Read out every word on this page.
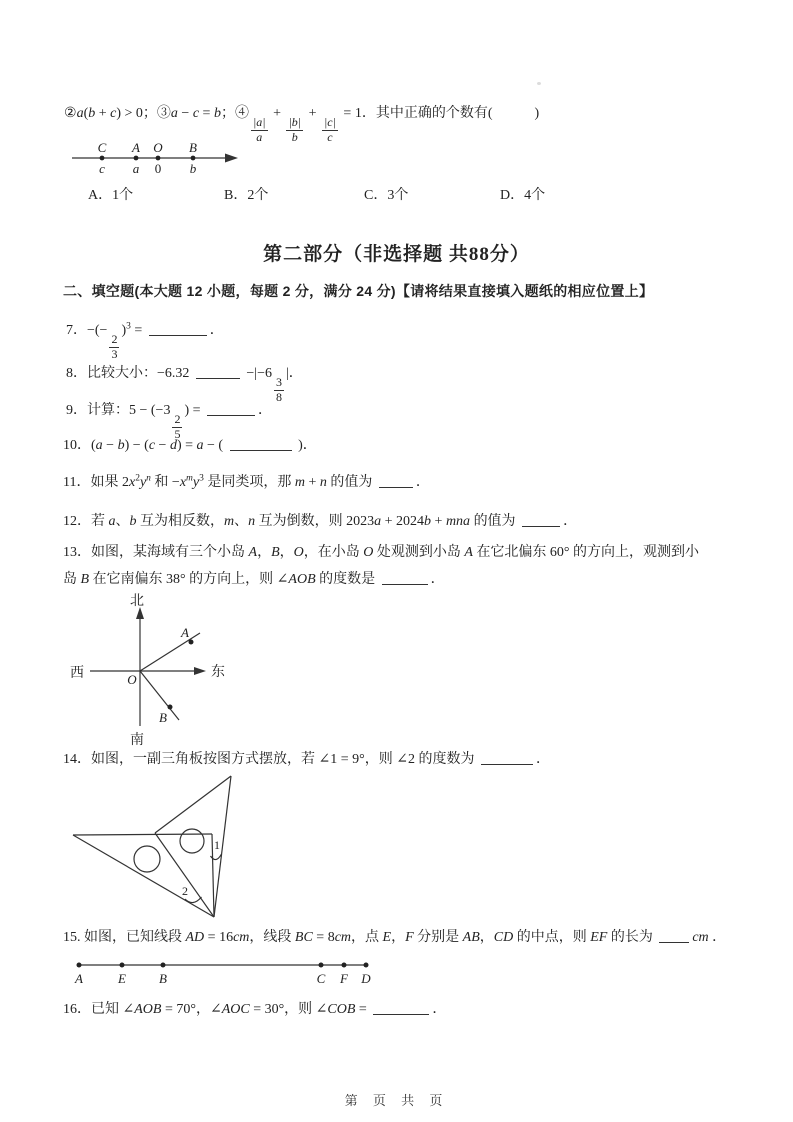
②a(b + c) > 0；③a − c = b；④
$\frac{|a|}{a}$
+
$\frac{|b|}{b}$
+
$\frac{|c|}{c}$
= 1．其中正确的个数有(　　　)
C A O B
c a 0 b
A．1个	B．2个	C．3个	D．4个
第二部分（非选择题 共88分）
二、填空题(本大题 12 小题，每题 2 分，满分 24 分)【请将结果直接填入题纸的相应位置上】
7．−(−
$\frac{2}{3}$
)$^3$ =	．
8．比较大小：−6.32	−|−6
$\frac{3}{8}$
|．
9．计算：5 − (−3
$\frac{2}{5}$
) =	．
10．(a − b) − (c − d) = a − (	)．
11．如果 $2x^2y^n$ 和 $-x^my^3$ 是同类项，那 m + n 的值为	．
12．若 a、b 互为相反数，m、n 互为倒数，则 2023a + 2024b + mna 的值为	．
13．如图，某海域有三个小岛 A，B，O，在小岛 O 处观测到小岛 A 在它北偏东 60° 的方向上，观测到小
岛 B 在它南偏东 38° 的方向上，则 ∠AOB 的度数是	．
北
南
西	东
O
A
B
14．如图，一副三角板按图方式摆放，若 ∠1 = 9°，则 ∠2 的度数为	．
1
2
15. 如图，已知线段 AD = 16cm，线段 BC = 8cm，点 E，F 分别是 AB，CD 的中点，则 EF 的长为	cm ．
A	E	B	C F D
16．已知 ∠AOB = 70°，∠AOC = 30°，则 ∠COB =	．
第 页 共 页
